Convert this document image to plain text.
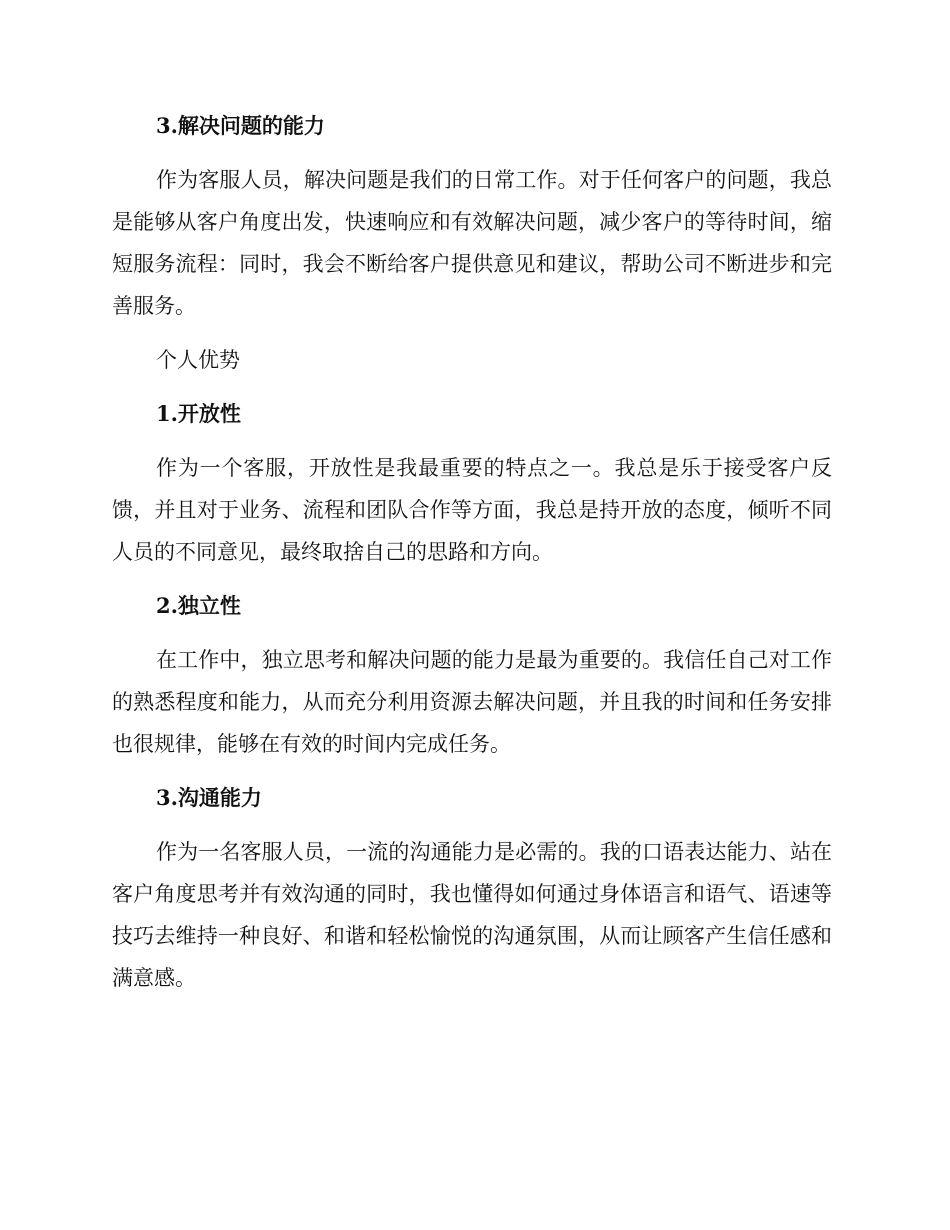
3.解决问题的能力

作为客服人员，解决问题是我们的日常工作。对于任何客户的问题，我总是能够从客户角度出发，快速响应和有效解决问题，减少客户的等待时间，缩短服务流程：同时，我会不断给客户提供意见和建议，帮助公司不断进步和完善服务。

个人优势
1.开放性

作为一个客服，开放性是我最重要的特点之一。我总是乐于接受客户反馈，并且对于业务、流程和团队合作等方面，我总是持开放的态度，倾听不同人员的不同意见，最终取捨自己的思路和方向。

2.独立性

在工作中，独立思考和解决问题的能力是最为重要的。我信任自己对工作的熟悉程度和能力，从而充分利用资源去解决问题，并且我的时间和任务安排也很规律，能够在有效的时间内完成任务。

3.沟通能力

作为一名客服人员，一流的沟通能力是必需的。我的口语表达能力、站在客户角度思考并有效沟通的同时，我也懂得如何通过身体语言和语气、语速等技巧去维持一种良好、和谐和轻松愉悦的沟通氛围，从而让顾客产生信任感和满意感。
